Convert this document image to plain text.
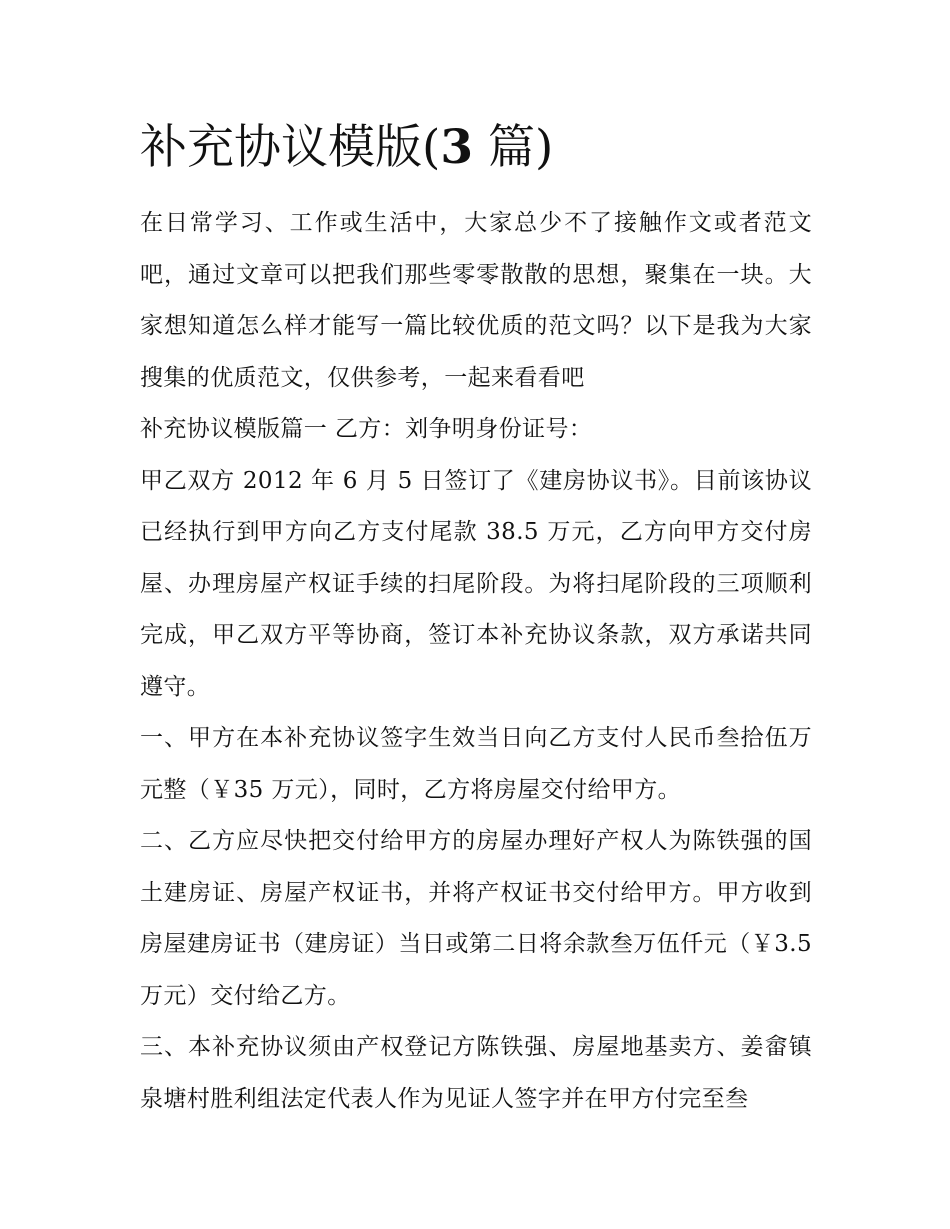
补充协议模版(3 篇)

在日常学习、工作或生活中，大家总少不了接触作文或者范文吧，通过文章可以把我们那些零零散散的思想，聚集在一块。大家想知道怎么样才能写一篇比较优质的范文吗？以下是我为大家搜集的优质范文，仅供参考，一起来看看吧

补充协议模版篇一 乙方：刘争明身份证号：

甲乙双方 2012 年 6 月 5 日签订了《建房协议书》。目前该协议已经执行到甲方向乙方支付尾款 38.5 万元，乙方向甲方交付房屋、办理房屋产权证手续的扫尾阶段。为将扫尾阶段的三项顺利完成，甲乙双方平等协商，签订本补充协议条款，双方承诺共同遵守。

一、甲方在本补充协议签字生效当日向乙方支付人民币叁拾伍万元整（￥35 万元），同时，乙方将房屋交付给甲方。

二、乙方应尽快把交付给甲方的房屋办理好产权人为陈铁强的国土建房证、房屋产权证书，并将产权证书交付给甲方。甲方收到房屋建房证书（建房证）当日或第二日将余款叁万伍仟元（￥3.5 万元）交付给乙方。

三、本补充协议须由产权登记方陈铁强、房屋地基卖方、姜畲镇泉塘村胜利组法定代表人作为见证人签字并在甲方付完至叁
